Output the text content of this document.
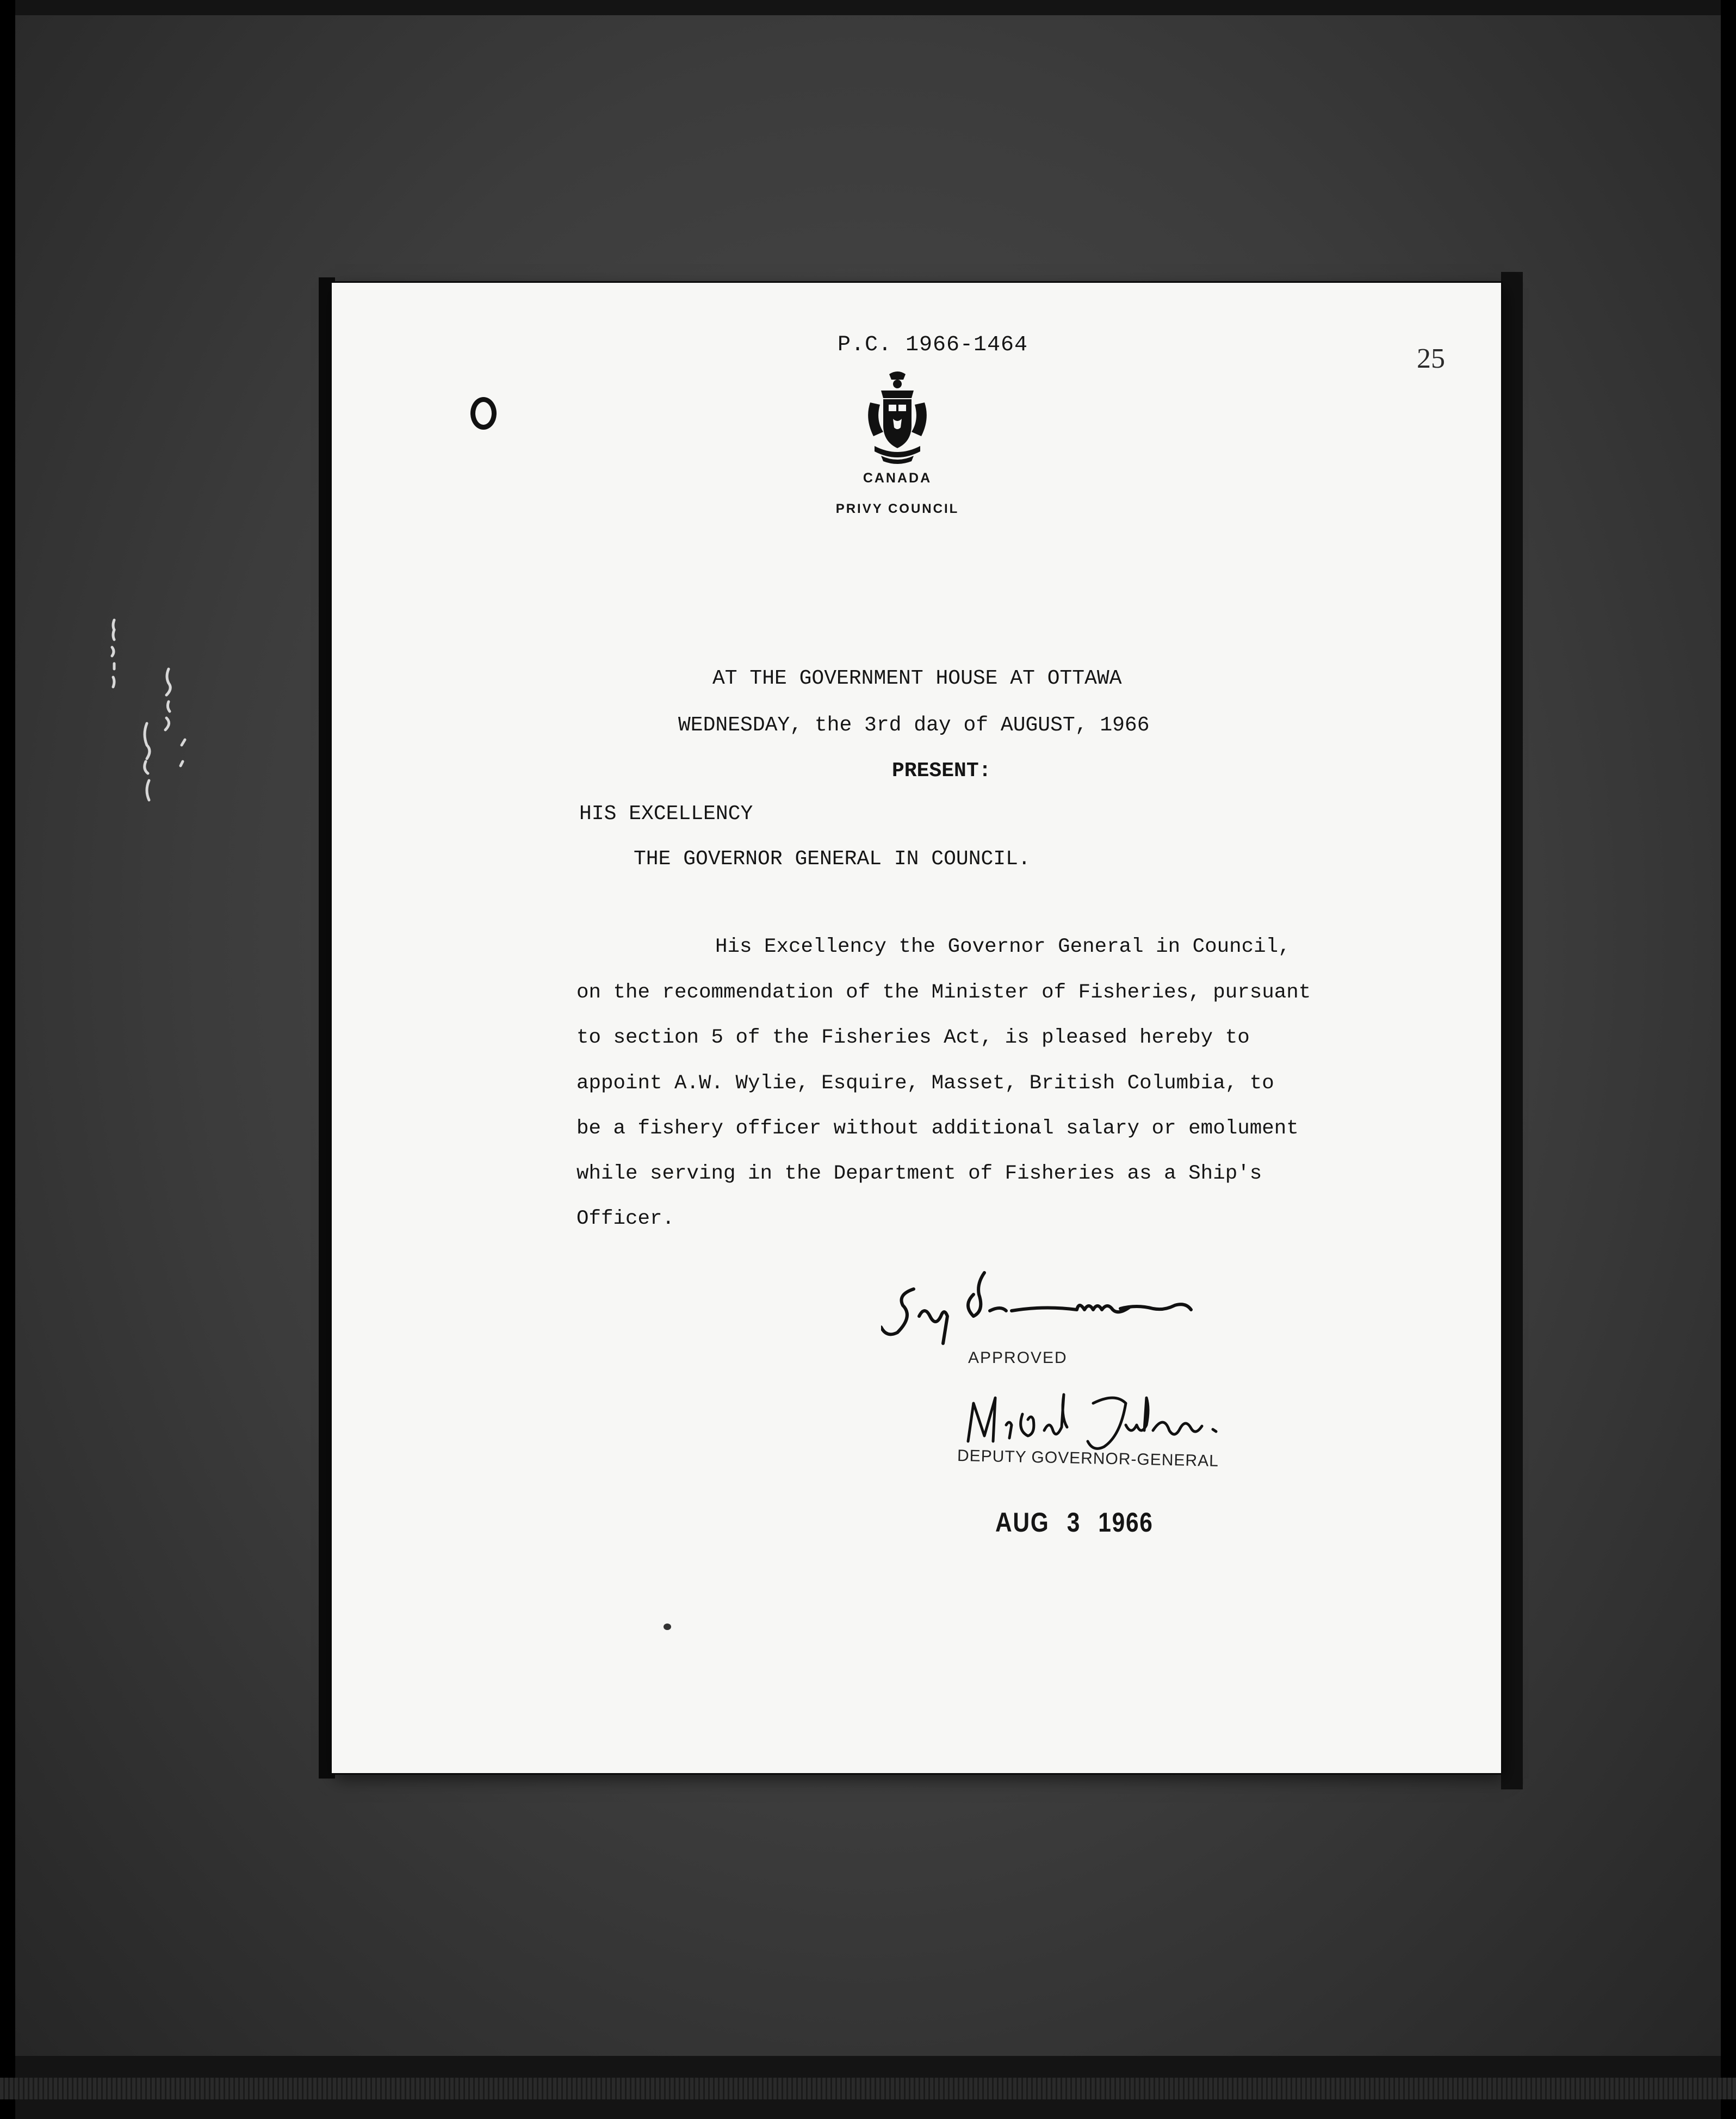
P.C. 1966-1464	25
CANADA
PRIVY COUNCIL
AT THE GOVERNMENT HOUSE AT OTTAWA
WEDNESDAY, the 3rd day of AUGUST, 1966
PRESENT:
HIS EXCELLENCY
THE GOVERNOR GENERAL IN COUNCIL.
His Excellency the Governor General in Council,
on the recommendation of the Minister of Fisheries, pursuant
to section 5 of the Fisheries Act, is pleased hereby to
appoint A.W. Wylie, Esquire, Masset, British Columbia, to
be a fishery officer without additional salary or emolument
while serving in the Department of Fisheries as a Ship's
Officer.
APPROVED
DEPUTY GOVERNOR-GENERAL
AUG 3 1966
